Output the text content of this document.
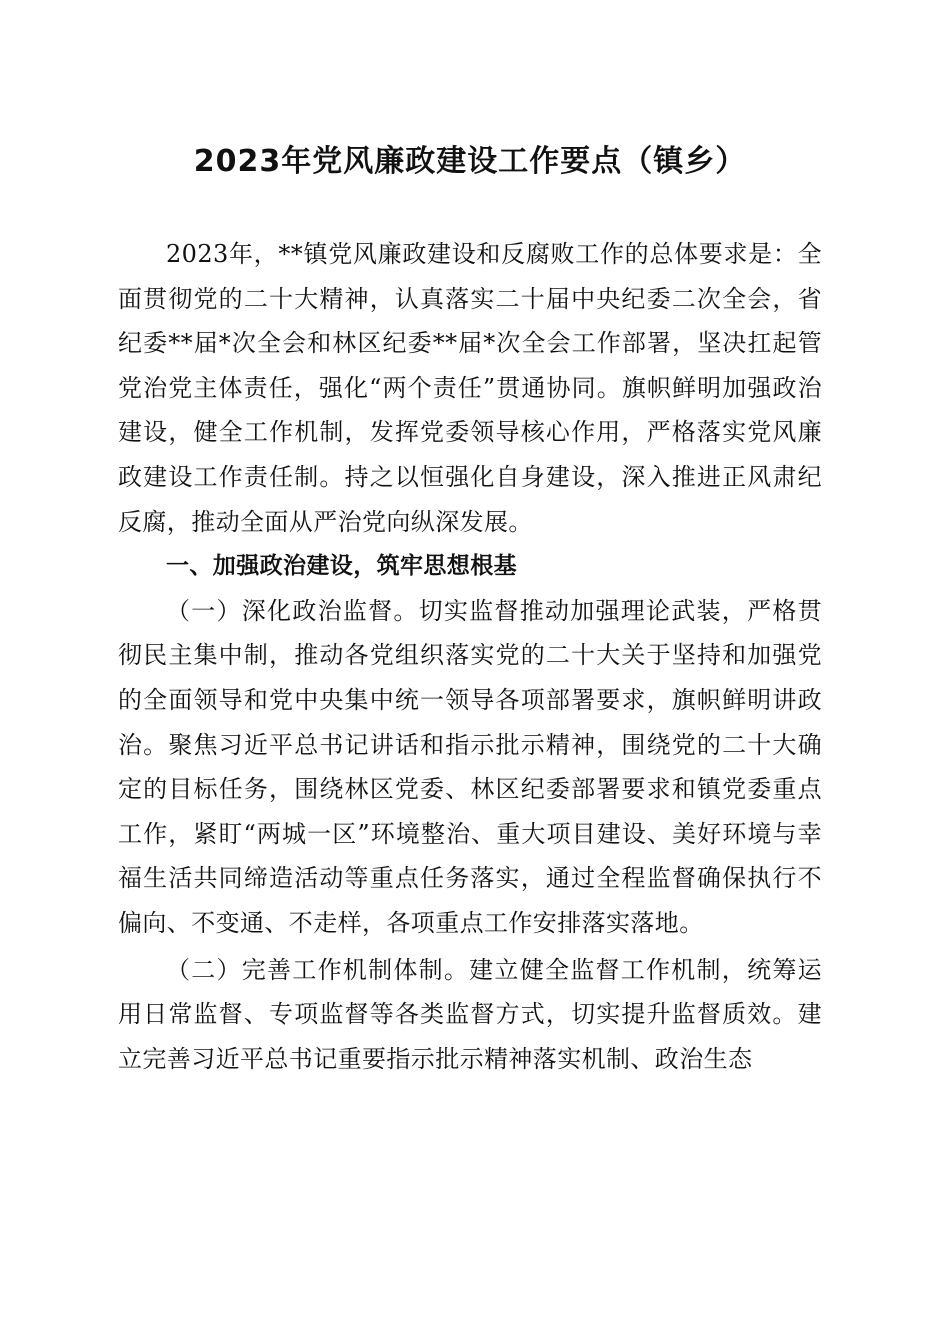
2023年党风廉政建设工作要点（镇乡）

2023年，**镇党风廉政建设和反腐败工作的总体要求是：全面贯彻党的二十大精神，认真落实二十届中央纪委二次全会，省纪委**届*次全会和林区纪委**届*次全会工作部署，坚决扛起管党治党主体责任，强化“两个责任”贯通协同。旗帜鲜明加强政治建设，健全工作机制，发挥党委领导核心作用，严格落实党风廉政建设工作责任制。持之以恒强化自身建设，深入推进正风肃纪反腐，推动全面从严治党向纵深发展。

一、加强政治建设，筑牢思想根基

（一）深化政治监督。切实监督推动加强理论武装，严格贯彻民主集中制，推动各党组织落实党的二十大关于坚持和加强党的全面领导和党中央集中统一领导各项部署要求，旗帜鲜明讲政治。聚焦习近平总书记讲话和指示批示精神，围绕党的二十大确定的目标任务，围绕林区党委、林区纪委部署要求和镇党委重点工作，紧盯“两城一区”环境整治、重大项目建设、美好环境与幸福生活共同缔造活动等重点任务落实，通过全程监督确保执行不偏向、不变通、不走样，各项重点工作安排落实落地。

（二）完善工作机制体制。建立健全监督工作机制，统筹运用日常监督、专项监督等各类监督方式，切实提升监督质效。建立完善习近平总书记重要指示批示精神落实机制、政治生态
